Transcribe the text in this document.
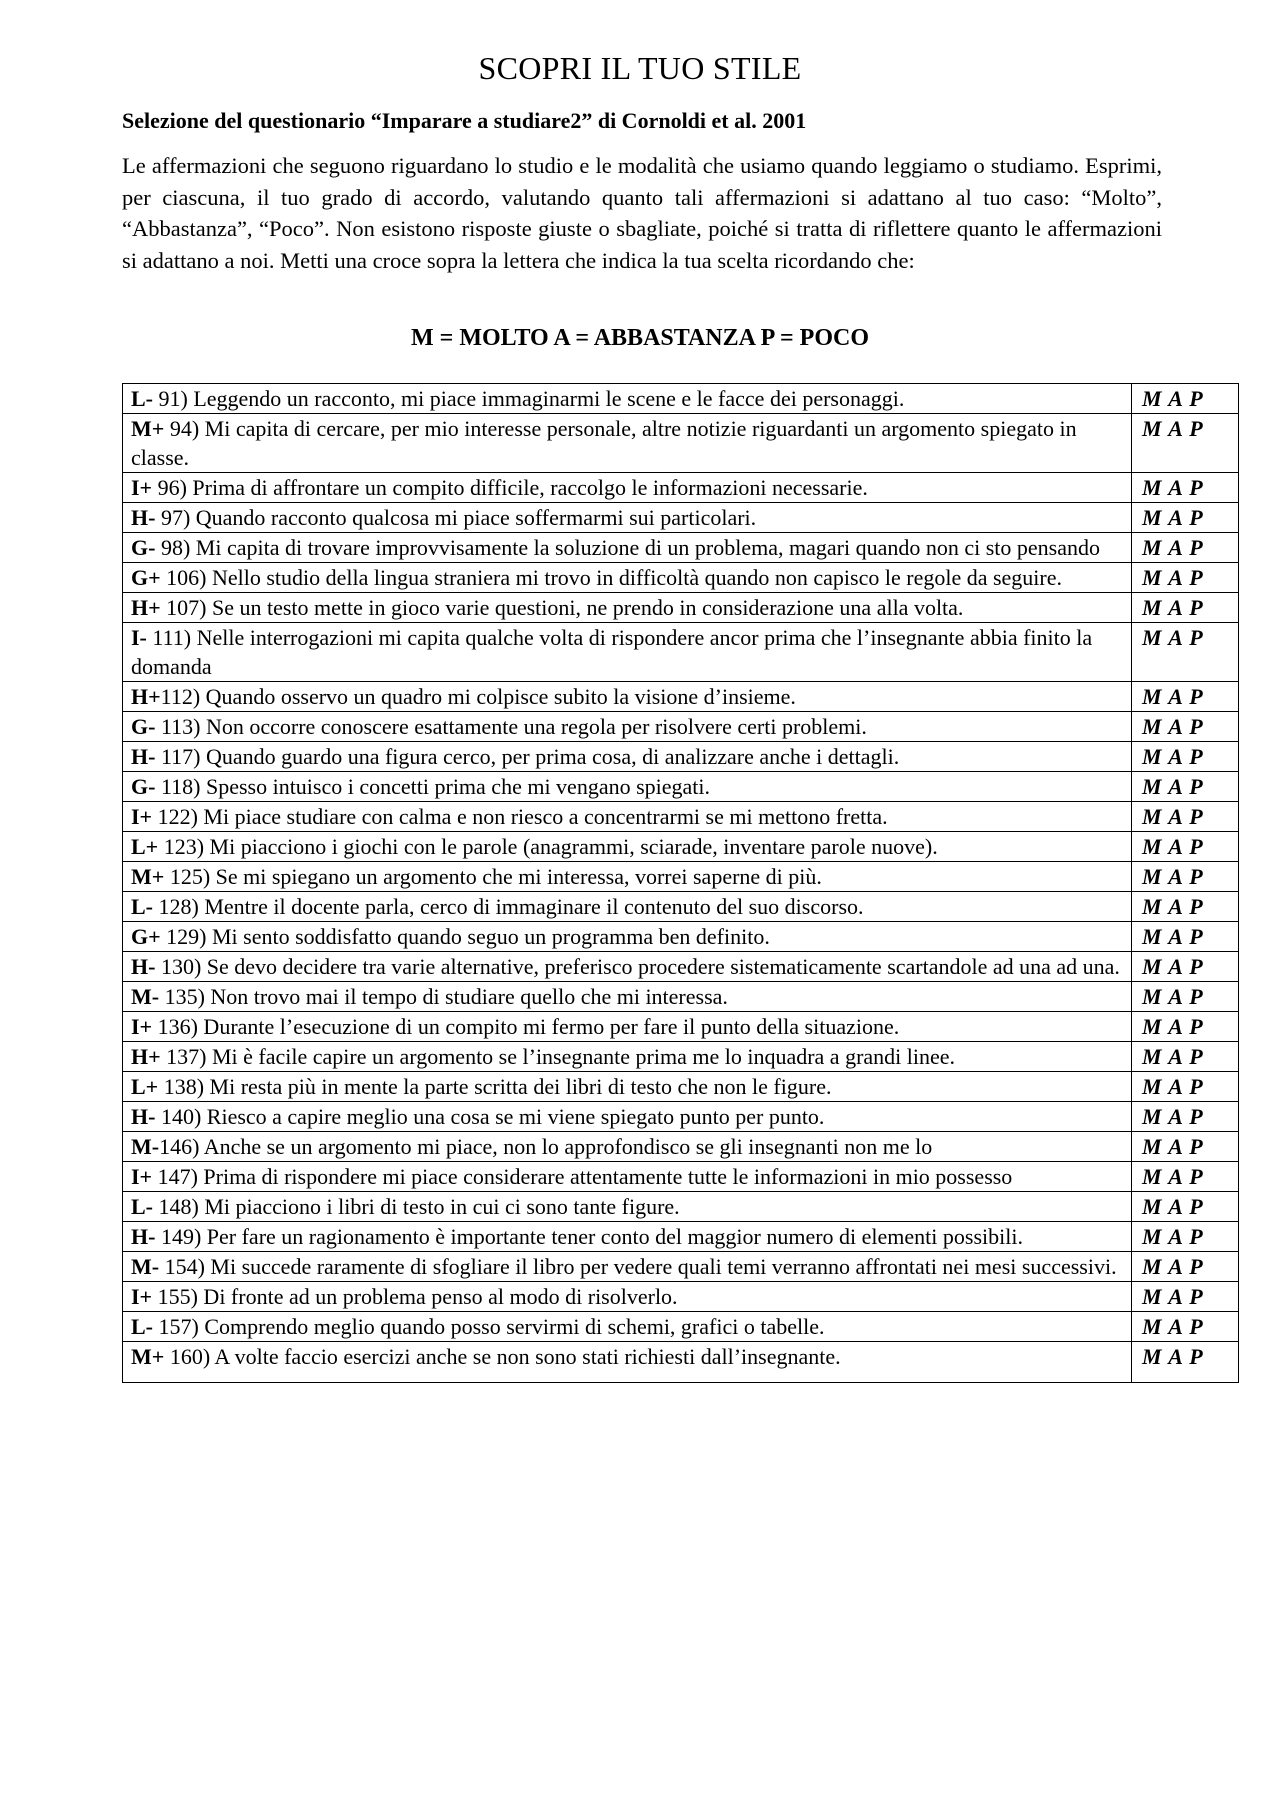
SCOPRI IL TUO STILE
Selezione del questionario “Imparare a studiare2” di Cornoldi et al. 2001
Le affermazioni che seguono riguardano lo studio e le modalità che usiamo quando leggiamo o studiamo. Esprimi, per ciascuna, il tuo grado di accordo, valutando quanto tali affermazioni si adattano al tuo caso: “Molto”, “Abbastanza”, “Poco”. Non esistono risposte giuste o sbagliate, poiché si tratta di riflettere quanto le affermazioni si adattano a noi. Metti una croce sopra la lettera che indica la tua scelta ricordando che:
M = MOLTO A = ABBASTANZA P = POCO
L- 91) Leggendo un racconto, mi piace immaginarmi le scene e le facce dei personaggi.	M A P
M+ 94) Mi capita di cercare, per mio interesse personale, altre notizie riguardanti un argomento spiegato in classe.	M A P
I+ 96) Prima di affrontare un compito difficile, raccolgo le informazioni necessarie.	M A P
H- 97) Quando racconto qualcosa mi piace soffermarmi sui particolari.	M A P
G- 98) Mi capita di trovare improvvisamente la soluzione di un problema, magari quando non ci sto pensando	M A P
G+ 106) Nello studio della lingua straniera mi trovo in difficoltà quando non capisco le regole da seguire.	M A P
H+ 107) Se un testo mette in gioco varie questioni, ne prendo in considerazione una alla volta.	M A P
I- 111) Nelle interrogazioni mi capita qualche volta di rispondere ancor prima che l’insegnante abbia finito la domanda	M A P
H+112) Quando osservo un quadro mi colpisce subito la visione d’insieme.	M A P
G- 113) Non occorre conoscere esattamente una regola per risolvere certi problemi.	M A P
H- 117) Quando guardo una figura cerco, per prima cosa, di analizzare anche i dettagli.	M A P
G- 118) Spesso intuisco i concetti prima che mi vengano spiegati.	M A P
I+ 122) Mi piace studiare con calma e non riesco a concentrarmi se mi mettono fretta.	M A P
L+ 123) Mi piacciono i giochi con le parole (anagrammi, sciarade, inventare parole nuove).	M A P
M+ 125) Se mi spiegano un argomento che mi interessa, vorrei saperne di più.	M A P
L- 128) Mentre il docente parla, cerco di immaginare il contenuto del suo discorso.	M A P
G+ 129) Mi sento soddisfatto quando seguo un programma ben definito.	M A P
H- 130) Se devo decidere tra varie alternative, preferisco procedere sistematicamente scartandole ad una ad una.	M A P
M- 135) Non trovo mai il tempo di studiare quello che mi interessa.	M A P
I+ 136) Durante l’esecuzione di un compito mi fermo per fare il punto della situazione.	M A P
H+ 137) Mi è facile capire un argomento se l’insegnante prima me lo inquadra a grandi linee.	M A P
L+ 138) Mi resta più in mente la parte scritta dei libri di testo che non le figure.	M A P
H- 140) Riesco a capire meglio una cosa se mi viene spiegato punto per punto.	M A P
M-146) Anche se un argomento mi piace, non lo approfondisco se gli insegnanti non me lo	M A P
I+ 147) Prima di rispondere mi piace considerare attentamente tutte le informazioni in mio possesso	M A P
L- 148) Mi piacciono i libri di testo in cui ci sono tante figure.	M A P
H- 149) Per fare un ragionamento è importante tener conto del maggior numero di elementi possibili.	M A P
M- 154) Mi succede raramente di sfogliare il libro per vedere quali temi verranno affrontati nei mesi successivi.	M A P
I+ 155) Di fronte ad un problema penso al modo di risolverlo.	M A P
L- 157) Comprendo meglio quando posso servirmi di schemi, grafici o tabelle.	M A P
M+ 160) A volte faccio esercizi anche se non sono stati richiesti dall’insegnante.	M A P
